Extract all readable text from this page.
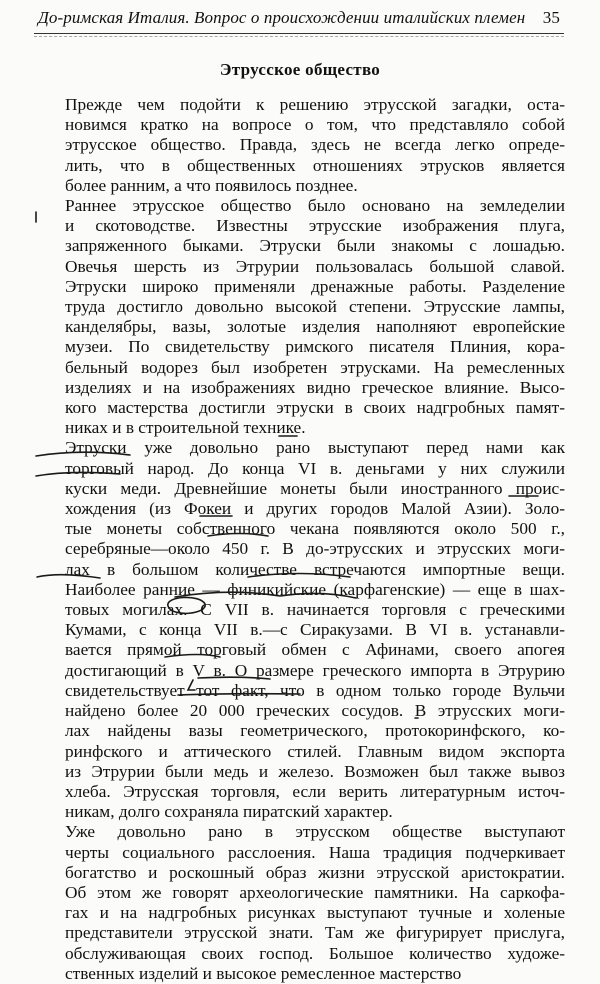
До-римская Италия. Вопрос о происхождении италийских племен 35
Этрусское общество
Прежде чем подойти к решению этрусской загадки, оста-
новимся кратко на вопросе о том, что представляло собой
этрусское общество. Правда, здесь не всегда легко опреде-
лить, что в общественных отношениях этрусков является
более ранним, а что появилось позднее.
Раннее этрусское общество было основано на земледелии
и скотоводстве. Известны этрусские изображения плуга,
запряженного быками. Этруски были знакомы с лошадью.
Овечья шерсть из Этрурии пользовалась большой славой.
Этруски широко применяли дренажные работы. Разделение
труда достигло довольно высокой степени. Этрусские лампы,
канделябры, вазы, золотые изделия наполняют европейские
музеи. По свидетельству римского писателя Плиния, кора-
бельный водорез был изобретен этрусками. На ремесленных
изделиях и на изображениях видно греческое влияние. Высо-
кого мастерства достигли этруски в своих надгробных памят-
никах и в строительной технике.
Этруски уже довольно рано выступают перед нами как
торговый народ. До конца VI в. деньгами у них служили
куски меди. Древнейшие монеты были иностранного проис-
хождения (из Фокеи и других городов Малой Азии). Золо-
тые монеты собственного чекана появляются около 500 г.,
серебряные—около 450 г. В до-этрусских и этрусских моги-
лах в большом количестве встречаются импортные вещи.
Наиболее ранние — финикийские (карфагенские) — еще в шах-
товых могилах. С VII в. начинается торговля с греческими
Кумами, с конца VII в.—с Сиракузами. В VI в. устанавли-
вается прямой торговый обмен с Афинами, своего апогея
достигающий в V в. О размере греческого импорта в Этрурию
свидетельствует тот факт, что в одном только городе Вульчи
найдено более 20 000 греческих сосудов. В этрусских моги-
лах найдены вазы геометрического, протокоринфского, ко-
ринфского и аттического стилей. Главным видом экспорта
из Этрурии были медь и железо. Возможен был также вывоз
хлеба. Этрусская торговля, если верить литературным источ-
никам, долго сохраняла пиратский характер.
Уже довольно рано в этрусском обществе выступают
черты социального расслоения. Наша традиция подчеркивает
богатство и роскошный образ жизни этрусской аристократии.
Об этом же говорят археологические памятники. На саркофа-
гах и на надгробных рисунках выступают тучные и холеные
представители этрусской знати. Там же фигурирует прислуга,
обслуживающая своих господ. Большое количество художе-
ственных изделий и высокое ремесленное мастерство
